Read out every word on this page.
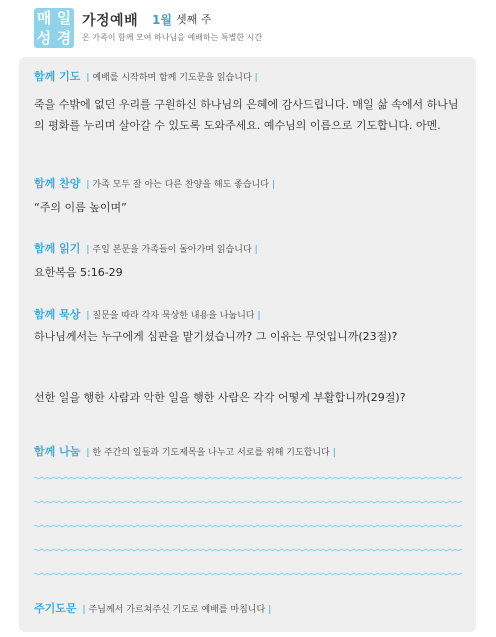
매 일
성 경
가정예배 1월 셋째 주
온 가족이 함께 모여 하나님을 예배하는 특별한 시간
함께 기도 | 예배를 시작하며 함께 기도문을 읽습니다 |
죽을 수밖에 없던 우리를 구원하신 하나님의 은혜에 감사드립니다. 매일 삶 속에서 하나님의 평화를 누리며 살아갈 수 있도록 도와주세요. 예수님의 이름으로 기도합니다. 아멘.
함께 찬양 | 가족 모두 잘 아는 다른 찬양을 해도 좋습니다 |
“주의 이름 높이며”
함께 읽기 | 주일 본문을 가족들이 돌아가며 읽습니다 |
요한복음 5:16-29
함께 묵상 | 질문을 따라 각자 묵상한 내용을 나눕니다 |
하나님께서는 누구에게 심판을 맡기셨습니까? 그 이유는 무엇입니까(23절)?
선한 일을 행한 사람과 악한 일을 행한 사람은 각각 어떻게 부활합니까(29절)?
함께 나눔 | 한 주간의 일들과 기도제목을 나누고 서로를 위해 기도합니다 |
주기도문 | 주님께서 가르쳐주신 기도로 예배를 마칩니다 |
